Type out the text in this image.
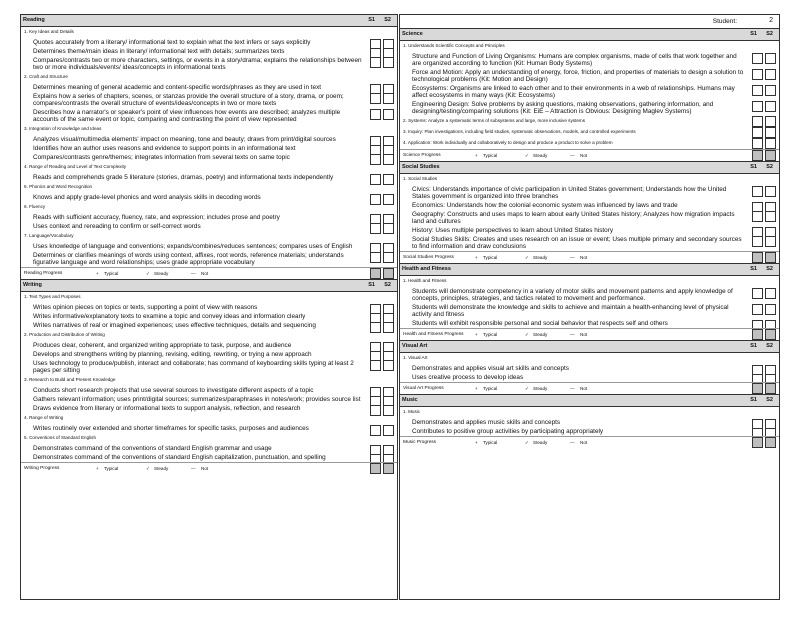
Reading	S1 S2
1. Key Ideas and Details
Quotes accurately from a literary/ informational text to explain what the text infers or says explicitly
Determines theme/main ideas in literary/ informational text with details; summarizes texts
Compares/contrasts two or more characters, settings, or events in a story/drama; explains the relationships between two or more individuals/events/ ideas/concepts in informational texts
2. Craft and Structure
Determines meaning of general academic and content-specific words/phrases as they are used in text
Explains how a series of chapters, scenes, or stanzas provide the overall structure of a story, drama, or poem; compares/contrasts the overall structure of events/ideas/concepts in two or more texts
Describes how a narrator's or speaker's point of view influences how events are described; analyzes multiple accounts of the same event or topic, comparing and contrasting the point of view represented
3. Integration of Knowledge and Ideas
Analyzes visual/multimedia elements' impact on meaning, tone and beauty; draws from print/digital sources
Identifies how an author uses reasons and evidence to support points in an informational text
Compares/contrasts genre/themes; integrates information from several texts on same topic
4. Range of Reading and Level of Text Complexity
Reads and comprehends grade 5 literature (stories, dramas, poetry) and informational texts independently
5. Phonics and Word Recognition
Knows and apply grade-level phonics and word analysis skills in decoding words
6. Fluency
Reads with sufficient accuracy, fluency, rate, and expression; includes prose and poetry
Uses context and rereading to confirm or self-correct words
7. Language/Vocabulary
Uses knowledge of language and conventions; expands/combines/reduces sentences; compares uses of English
Determines or clarifies meanings of words using context, affixes, root words, reference materials; understands figurative language and word relationships; uses grade appropriate vocabulary
Reading Progress	+ Typical	✓ Steady	— Not
Writing	S1 S2
1. Text Types and Purposes
Writes opinion pieces on topics or texts, supporting a point of view with reasons
Writes informative/explanatory texts to examine a topic and convey ideas and information clearly
Writes narratives of real or imagined experiences; uses effective techniques, details and sequencing
2. Production and Distribution of Writing
Produces clear, coherent, and organized writing appropriate to task, purpose, and audience
Develops and strengthens writing by planning, revising, editing, rewriting, or trying a new approach
Uses technology to produce/publish, interact and collaborate; has command of keyboarding skills typing at least 2 pages per sitting
3. Research to Build and Present Knowledge
Conducts short research projects that use several sources to investigate different aspects of a topic
Gathers relevant information; uses print/digital sources; summarizes/paraphrases in notes/work; provides source list
Draws evidence from literary or informational texts to support analysis, reflection, and research
4. Range of Writing
Writes routinely over extended and shorter timeframes for specific tasks, purposes and audiences
5. Conventions of Standard English
Demonstrates command of the conventions of standard English grammar and usage
Demonstrates command of the conventions of standard English capitalization, punctuation, and spelling
Writing Progress	+ Typical	✓ Steady	— Not
Student:	2
Science	S1 S2
1. Understands Scientific Concepts and Principles
Structure and Function of Living Organisms: Humans are complex organisms, made of cells that work together and are organized according to function (Kit: Human Body Systems)
Force and Motion: Apply an understanding of energy, force, friction, and properties of materials to design a solution to technological problems (Kit: Motion and Design)
Ecosystems: Organisms are linked to each other and to their environments in a web of relationships. Humans may affect ecosystems in many ways (Kit: Ecosystems)
Engineering Design: Solve problems by asking questions, making observations, gathering information, and designing/testing/comparing solutions (Kit: EiE – Attraction is Obvious: Designing Maglev Systems)
2. Systems: Analyze a systematic terms of subsystems and large, more inclusive systems
3. Inquiry: Plan investigations, including field studies, systematic observations, models, and controlled experiments
4. Application: Work individually and collaboratively to design and produce a product to solve a problem
Science Progress	+ Typical	✓ Steady	— Not
Social Studies	S1 S2
1. Social Studies
Civics: Understands importance of civic participation in United States government; Understands how the United States government is organized into three branches
Economics: Understands how the colonial economic system was influenced by laws and trade
Geography: Constructs and uses maps to learn about early United States history; Analyzes how migration impacts land and cultures
History: Uses multiple perspectives to learn about United States history
Social Studies Skills: Creates and uses research on an issue or event; Uses multiple primary and secondary sources to find information and draw conclusions
Social Studies Progress	+ Typical	✓ Steady	— Not
Health and Fitness	S1 S2
1. Health and Fitness
Students will demonstrate competency in a variety of motor skills and movement patterns and apply knowledge of concepts, principles, strategies, and tactics related to movement and performance.
Students will demonstrate the knowledge and skills to achieve and maintain a health-enhancing level of physical activity and fitness
Students will exhibit responsible personal and social behavior that respects self and others
Health and Fitness Progress + Typical	✓ Steady	— Not
Visual Art	S1 S2
1. Visual Art
Demonstrates and applies visual art skills and concepts
Uses creative process to develop ideas
Visual Art Progress	+ Typical	✓ Steady	— Not
Music	S1 S2
1. Music
Demonstrates and applies music skills and concepts
Contributes to positive group activities by participating appropriately
Music Progress	+ Typical	✓ Steady	— Not
